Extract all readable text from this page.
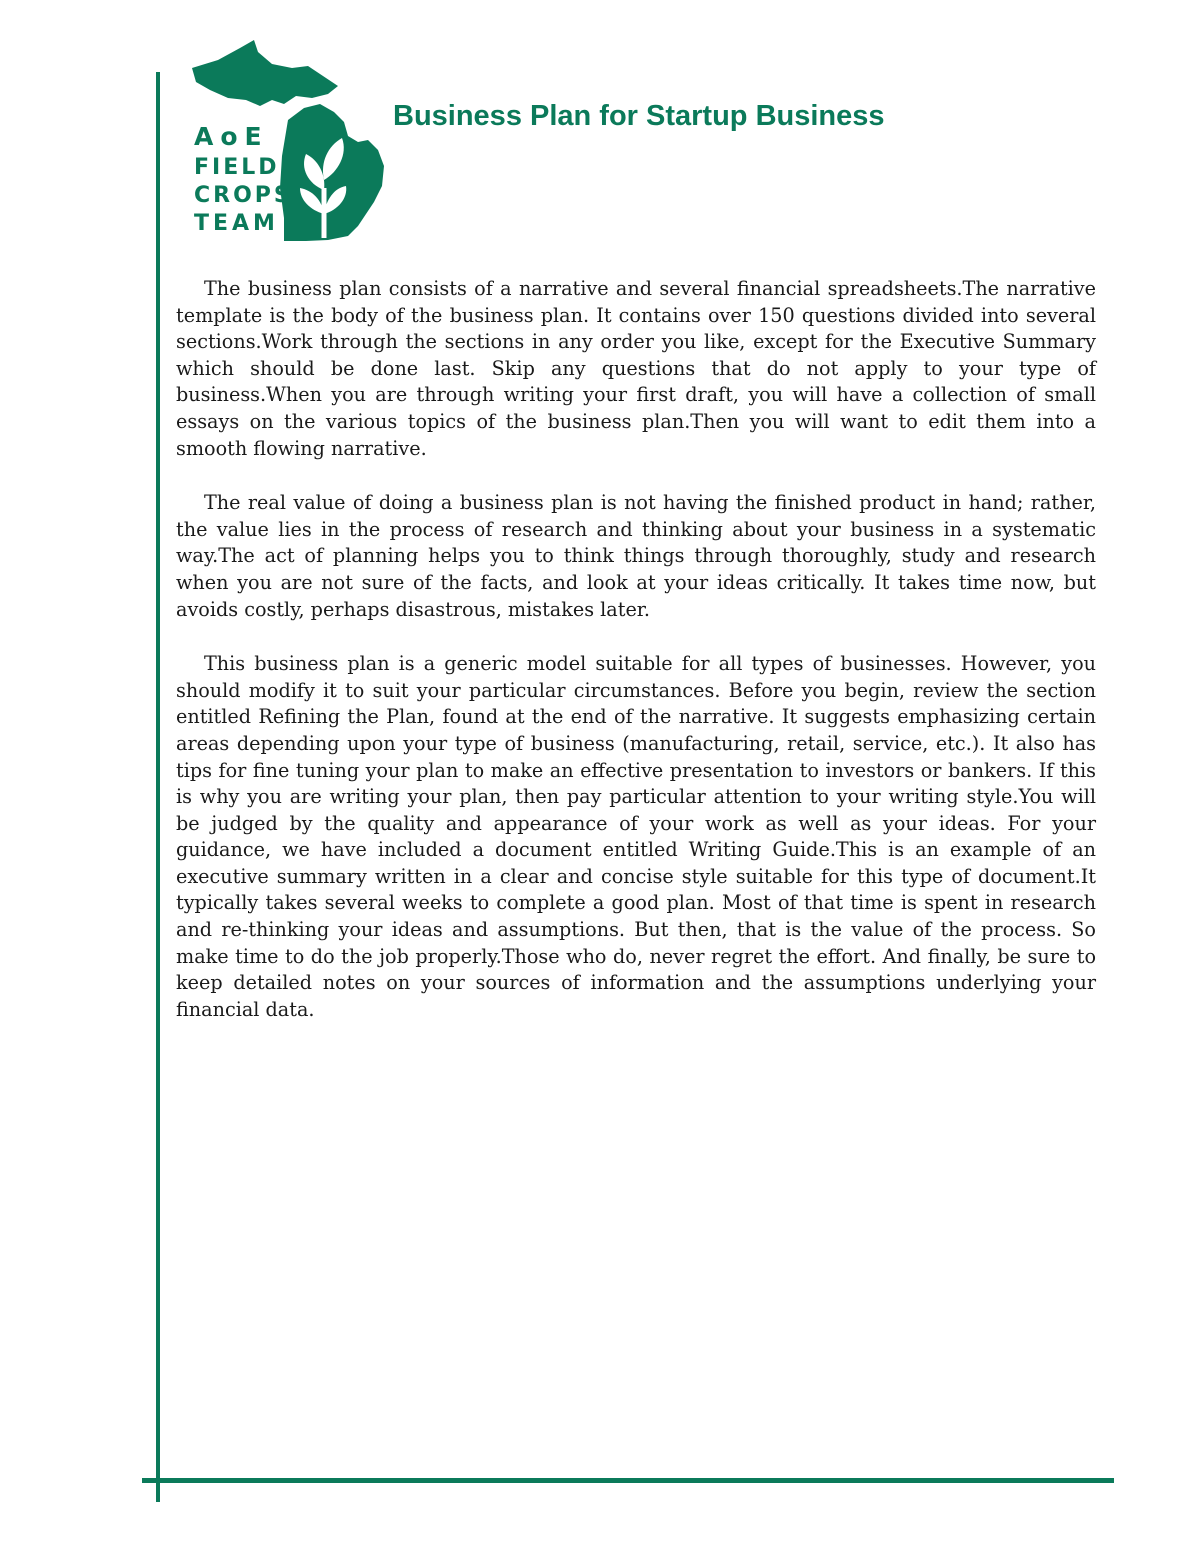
AoE

FIELD

CROPS

TEAM

Business Plan for Startup Business

The business plan consists of a narrative and several financial spreadsheets.The narrative template is the body of the business plan. It contains over 150 questions divided into several sections.Work through the sections in any order you like, except for the Executive Summary which should be done last. Skip any questions that do not apply to your type of business.When you are through writing your first draft, you will have a collection of small essays on the various topics of the business plan.Then you will want to edit them into a smooth flowing narrative.

The real value of doing a business plan is not having the finished product in hand; rather, the value lies in the process of research and thinking about your business in a systematic way.The act of planning helps you to think things through thoroughly, study and research when you are not sure of the facts, and look at your ideas critically. It takes time now, but avoids costly, perhaps disastrous, mistakes later.

This business plan is a generic model suitable for all types of businesses. However, you should modify it to suit your particular circumstances. Before you begin, review the section entitled Refining the Plan, found at the end of the narrative. It suggests emphasizing certain areas depending upon your type of business (manufacturing, retail, service, etc.). It also has tips for fine tuning your plan to make an effective presentation to investors or bankers. If this is why you are writing your plan, then pay particular attention to your writing style.You will be judged by the quality and appearance of your work as well as your ideas. For your guidance, we have included a document entitled Writing Guide.This is an example of an executive summary written in a clear and concise style suitable for this type of document.It typically takes several weeks to complete a good plan. Most of that time is spent in research and re-thinking your ideas and assumptions. But then, that is the value of the process. So make time to do the job properly.Those who do, never regret the effort. And finally, be sure to keep detailed notes on your sources of information and the assumptions underlying your financial data.
